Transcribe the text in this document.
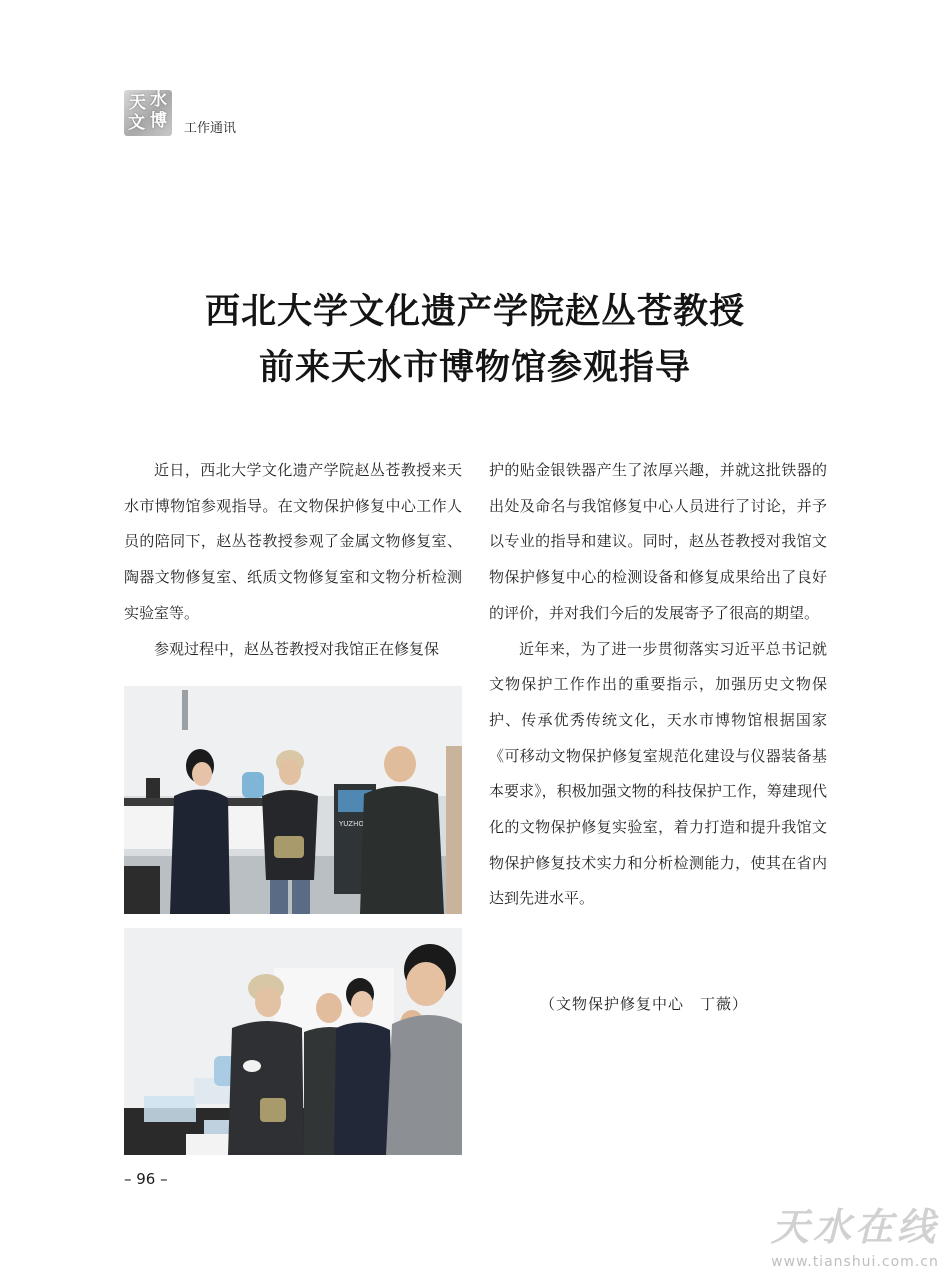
天 水
文 博 工作通讯
西北大学文化遗产学院赵丛苍教授
前来天水市博物馆参观指导

近日，西北大学文化遗产学院赵丛苍教授来天水市博物馆参观指导。在文物保护修复中心工作人员的陪同下，赵丛苍教授参观了金属文物修复室、陶器文物修复室、纸质文物修复室和文物分析检测实验室等。

参观过程中，赵丛苍教授对我馆正在修复保

护的贴金银铁器产生了浓厚兴趣，并就这批铁器的出处及命名与我馆修复中心人员进行了讨论，并予以专业的指导和建议。同时，赵丛苍教授对我馆文物保护修复中心的检测设备和修复成果给出了良好的评价，并对我们今后的发展寄予了很高的期望。

近年来，为了进一步贯彻落实习近平总书记就文物保护工作作出的重要指示，加强历史文物保护、传承优秀传统文化，天水市博物馆根据国家《可移动文物保护修复室规范化建设与仪器装备基本要求》，积极加强文物的科技保护工作，筹建现代化的文物保护修复实验室，着力打造和提升我馆文物保护修复技术实力和分析检测能力，使其在省内达到先进水平。

（文物保护修复中心　丁薇）
YUZHO
– 96 –
天水在线
www.tianshui.com.cn
